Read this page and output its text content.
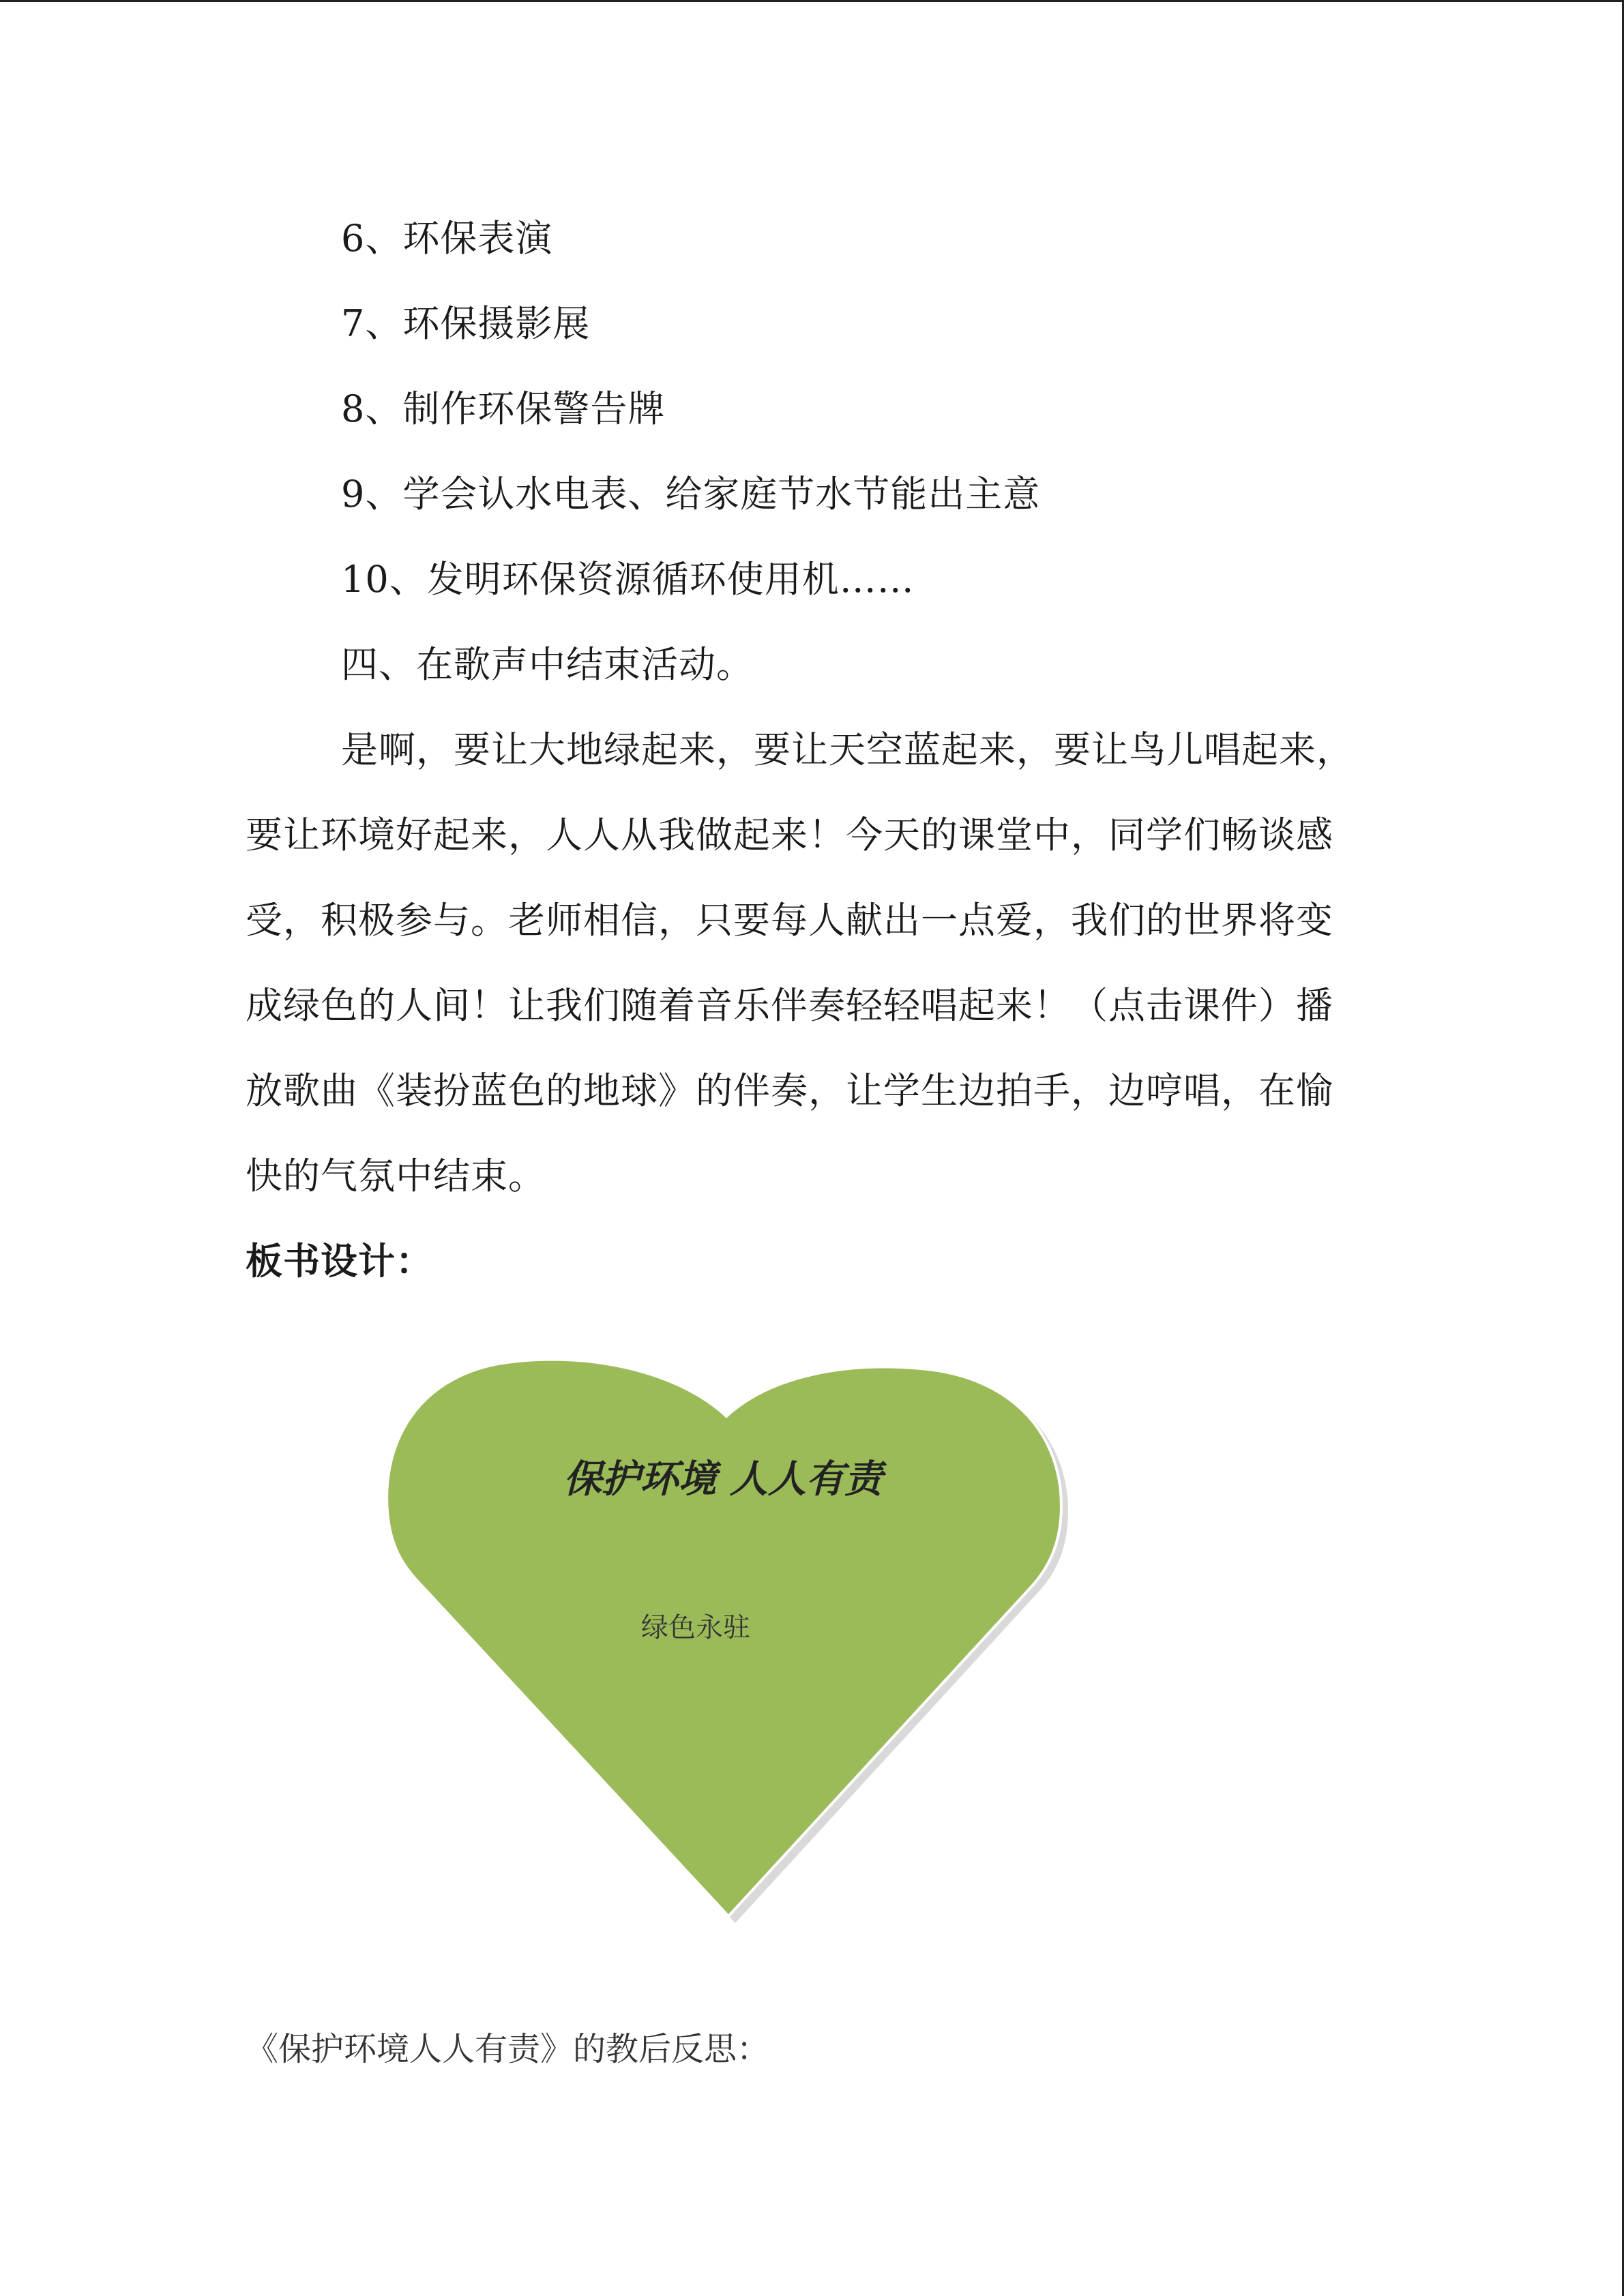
6、环保表演
7、环保摄影展
8、制作环保警告牌
9、学会认水电表、给家庭节水节能出主意
10、发明环保资源循环使用机……
四、在歌声中结束活动。
是啊，要让大地绿起来，要让天空蓝起来，要让鸟儿唱起来，
要让环境好起来，人人从我做起来！今天的课堂中，同学们畅谈感
受，积极参与。老师相信，只要每人献出一点爱，我们的世界将变
成绿色的人间！让我们随着音乐伴奏轻轻唱起来！（点击课件）播
放歌曲《装扮蓝色的地球》的伴奏，让学生边拍手，边哼唱，在愉
快的气氛中结束。
板书设计：
保护环境 人人有责
绿色永驻
《保护环境人人有责》的教后反思：
